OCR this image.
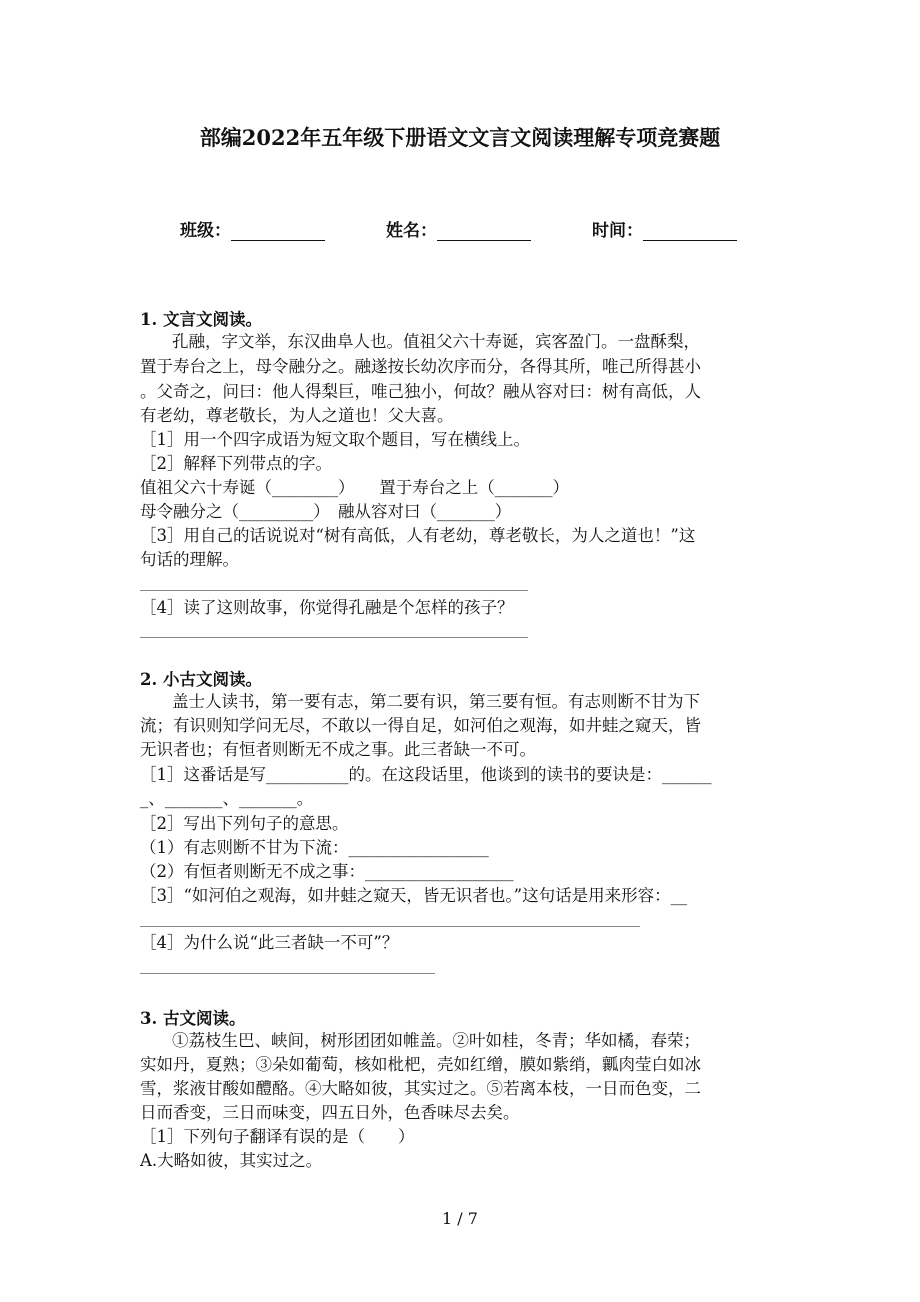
部编2022年五年级下册语文文言文阅读理解专项竞赛题
班级：	姓名：	时间：
1. 文言文阅读。
孔融，字文举，东汉曲阜人也。值祖父六十寿诞，宾客盈门。一盘酥梨，
置于寿台之上，母令融分之。融遂按长幼次序而分，各得其所，唯己所得甚小
。父奇之，问曰：他人得梨巨，唯己独小，何故？融从容对曰：树有高低，人
有老幼，尊老敬长，为人之道也！父大喜。
［1］用一个四字成语为短文取个题目，写在横线上。
［2］解释下列带点的字。
值祖父六十寿诞（________）　　置于寿台之上（_______）
母令融分之（_________）　融从容对曰（_______）
［3］用自己的话说说对“树有高低，人有老幼，尊老敬长，为人之道也！”这
句话的理解。
［4］读了这则故事，你觉得孔融是个怎样的孩子？
2. 小古文阅读。
盖士人读书，第一要有志，第二要有识，第三要有恒。有志则断不甘为下
流；有识则知学问无尽，不敢以一得自足，如河伯之观海，如井蛙之窥天，皆
无识者也；有恒者则断无不成之事。此三者缺一不可。
［1］这番话是写__________的。在这段话里，他谈到的读书的要诀是：______
_、_______、_______。
［2］写出下列句子的意思。
（1）有志则断不甘为下流：_________________
（2）有恒者则断无不成之事：__________________
［3］“如河伯之观海，如井蛙之窥天，皆无识者也。”这句话是用来形容：__
［4］为什么说“此三者缺一不可”？
3. 古文阅读。
①荔枝生巴、峡间，树形团团如帷盖。②叶如桂，冬青；华如橘，春荣；
实如丹，夏熟；③朵如葡萄，核如枇杷，壳如红缯，膜如紫绡，瓤肉莹白如冰
雪，浆液甘酸如醴酪。④大略如彼，其实过之。⑤若离本枝，一日而色变，二
日而香变，三日而味变，四五日外，色香味尽去矣。
［1］下列句子翻译有误的是（　　）
A.大略如彼，其实过之。
1 / 7
